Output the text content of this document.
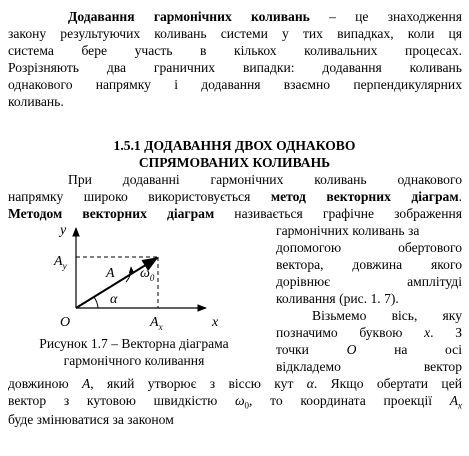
Додавання гармонічних коливань – це знаходження
закону результуючих коливань системи у тих випадках, коли ця
система бере участь в кількох коливальних процесах.
Розрізняють два граничних випадки: додавання коливань
однакового напрямку і додавання взаємно перпендикулярних
коливань.
1.5.1 ДОДАВАННЯ ДВОХ ОДНАКОВО
СПРЯМОВАНИХ КОЛИВАНЬ
При додаванні гармонічних коливань однакового
напрямку широко використовується метод векторних діаграм.
Методом векторних діаграм називається графічне зображення
y
x
O
$A_y$
$A_x$
A $\omega_0$
α
Рисунок 1.7 – Векторна діаграма
гармонічного коливання
гармонічних коливань за
допомогою обертового
вектора, довжина якого
дорівнює амплітуді
коливання (рис. 1. 7).
Візьмемо вісь, яку
позначимо буквою x. З
точки	O	на	осі
відкладемо вектор
довжиною A, який утворює з віссю кут α. Якщо обертати цей
вектор з кутовою швидкістю $\omega_0$, то координата проекції $A_x$
буде змінюватися за законом
